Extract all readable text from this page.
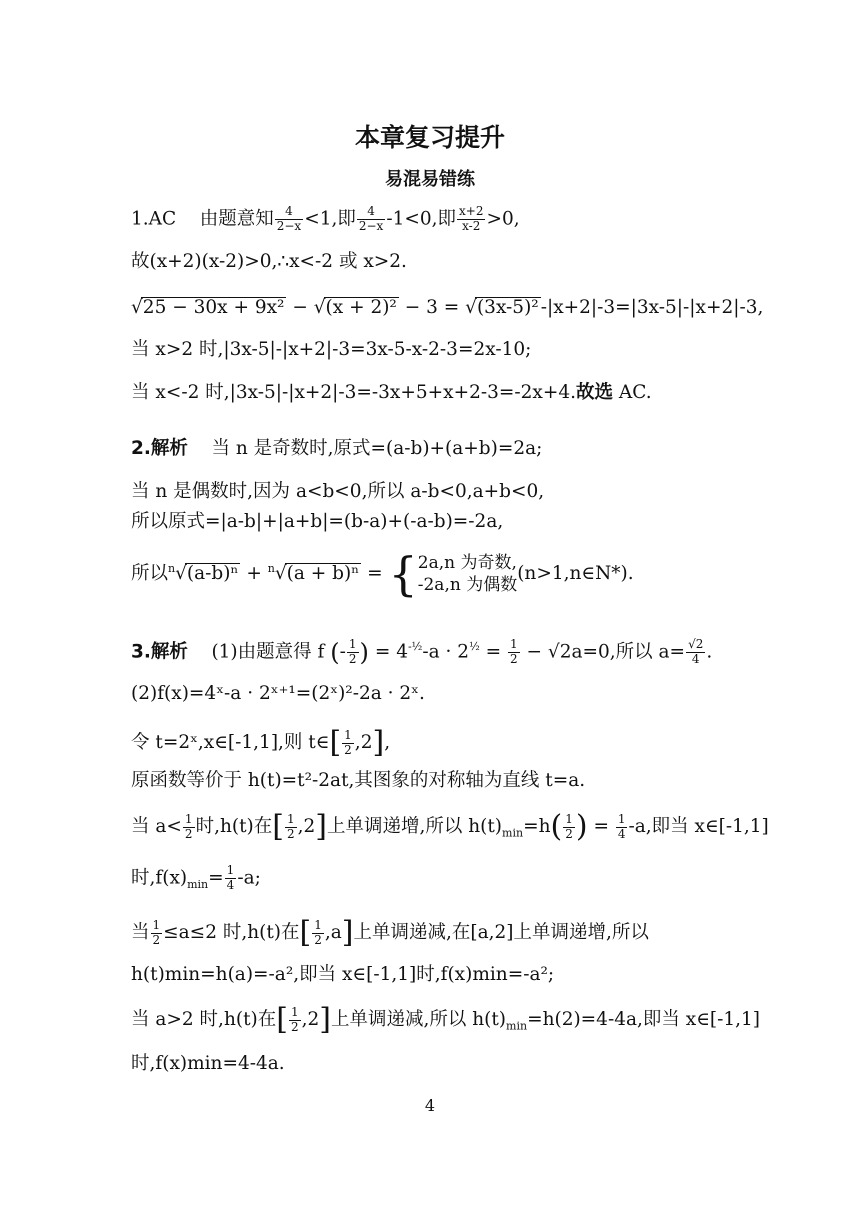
本章复习提升
易混易错练
1.AC 由题意知 $\frac{4}{2-x} <1$,即 $\frac{4}{2-x} -1<0$,即 $\frac{x+2}{x-2} >0$,
故(x+2)(x-2)>0,∴x<-2 或 x>2.
√25 − 30x + 9x² − √(x + 2)² − 3 = √(3x-5)² -|x+2|-3=|3x-5|-|x+2|-3,
当 x>2 时,|3x-5|-|x+2|-3=3x-5-x-2-3=2x-10;
当 x<-2 时,|3x-5|-|x+2|-3=-3x+5+x+2-3=-2x+4.故选 AC.
2.解析 当 n 是奇数时,原式=(a-b)+(a+b)=2a;
当 n 是偶数时,因为 a<b<0,所以 a-b<0,a+b<0,
所以原式=|a-b|+|a+b|=(b-a)+(-a-b)=-2a,
所以$^n$√(a-b)ⁿ + $^n$√(a + b)ⁿ = { 2a,n 为奇数,
-2a,n 为偶数
(n>1,n∈N*).
3.解析 (1)由题意得 f (- $\frac{1}{2}$ ) = $4^{-\frac{1}{2}}-a \cdot 2^{\frac{1}{2}} = \frac{1}{2} - √2a=0$,所以 $a= \frac{√2}{4}$ .
(2)f(x)=4ˣ-a · 2ˣ⁺¹=(2ˣ)²-2a · 2ˣ.
令 t=2ˣ,x∈[-1,1],则 t∈[ $\frac{1}{2} ,2$],
原函数等价于 h(t)=t²-2at,其图象的对称轴为直线 t=a.
当 $a< \frac{1}{2}$ 时,h(t)在[ $\frac{1}{2} ,2$]上单调递增,所以 $h(t)_{min}=h( \frac{1}{2}$ ) = $\frac{1}{4} -a$,即当 x∈[-1,1]
时$,f(x)_{min}= \frac{1}{4} -a$;
当 $\frac{1}{2} \le a\le 2$ 时,h(t)在[ $\frac{1}{2} ,a$]上单调递减,在[a,2]上单调递增,所以
h(t)min=h(a)=-a²,即当 x∈[-1,1]时,f(x)min=-a²;
当 a>2 时,h(t)在[ $\frac{1}{2} ,2$]上单调递减,所以 $h(t)_{min}=h(2)=4-4a$,即当 x∈[-1,1]
时,f(x)min=4-4a.
4
